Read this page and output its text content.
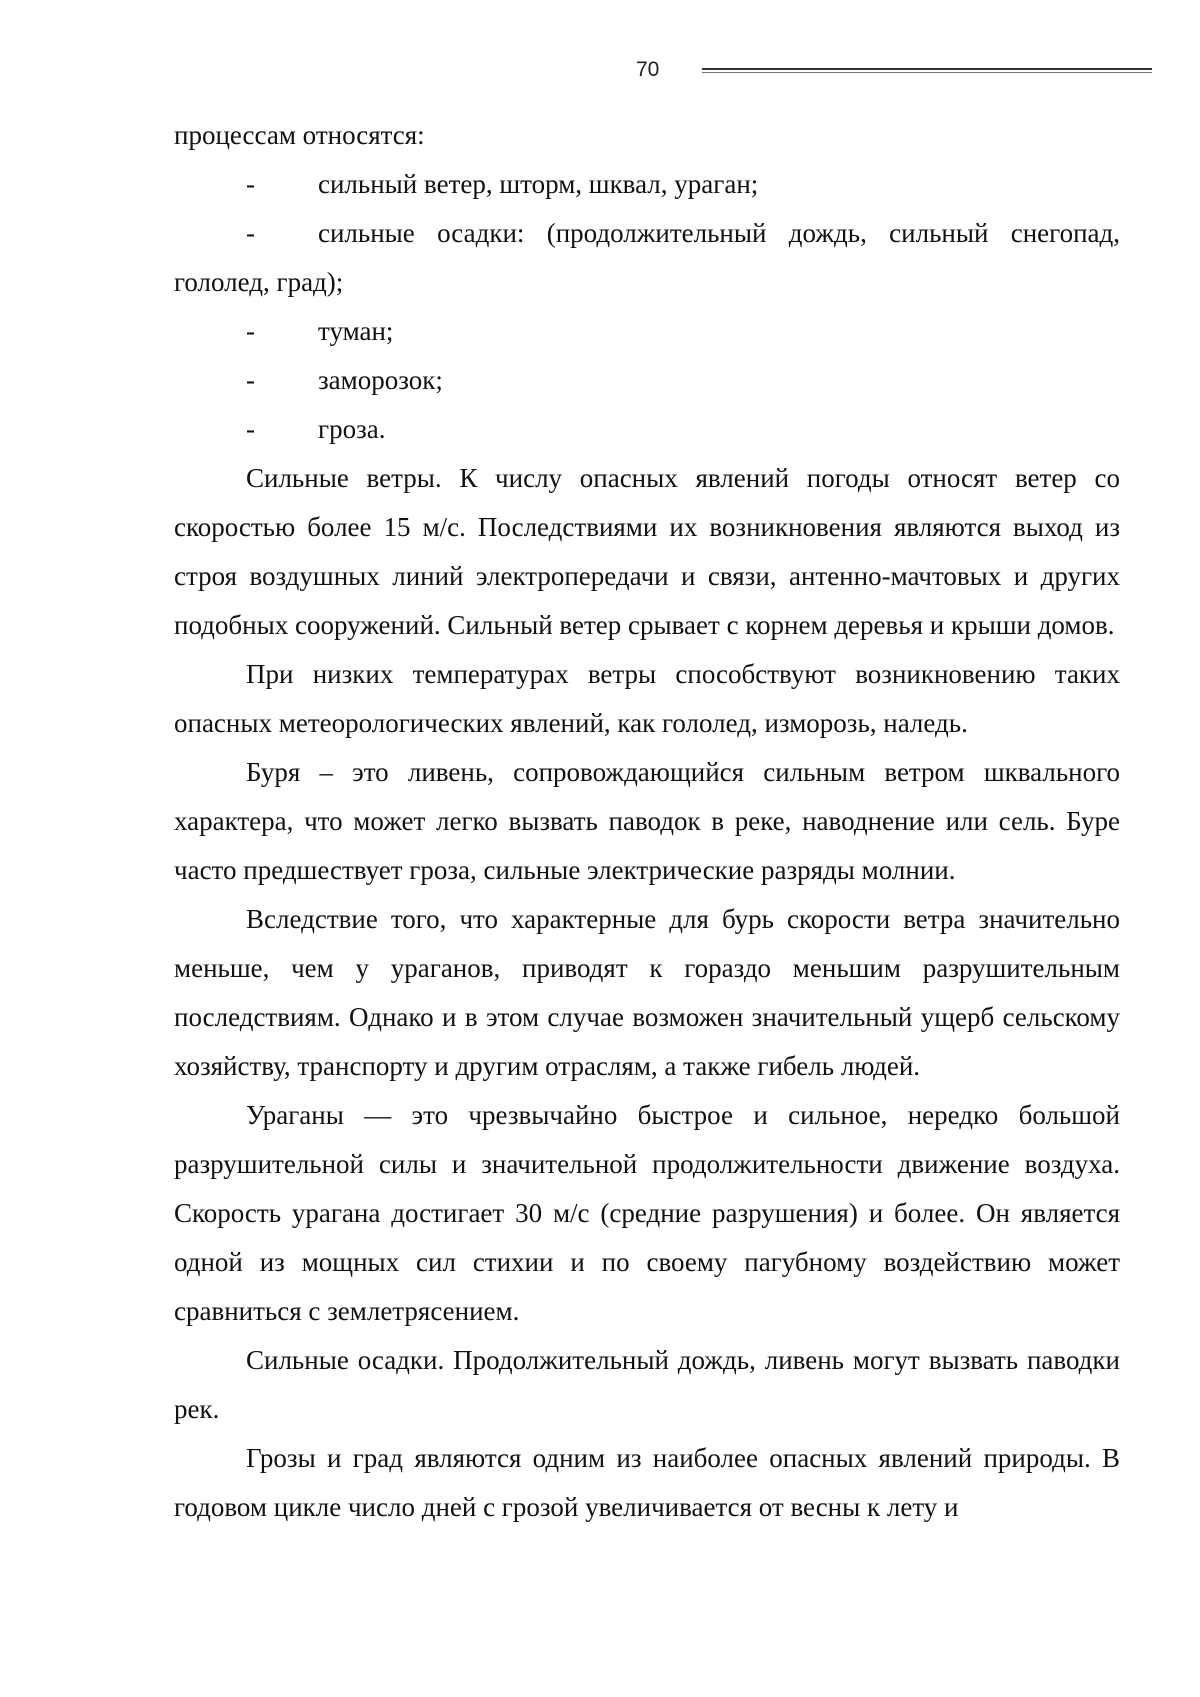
70

процессам относятся:

-	сильный ветер, шторм, шквал, ураган;

- сильные осадки: (продолжительный дождь, сильный снегопад, гололед, град);

-	туман;
-	заморозок;
-	гроза.

Сильные ветры. К числу опасных явлений погоды относят ветер со скоростью более 15 м/с. Последствиями их возникновения являются выход из строя воздушных линий электропередачи и связи, антенно-мачтовых и других подобных сооружений. Сильный ветер срывает с корнем деревья и крыши домов.

При низких температурах ветры способствуют возникновению таких опасных метеорологических явлений, как гололед, изморозь, наледь.

Буря – это ливень, сопровождающийся сильным ветром шквального характера, что может легко вызвать паводок в реке, наводнение или сель. Буре часто предшествует гроза, сильные электрические разряды молнии.

Вследствие того, что характерные для бурь скорости ветра значительно меньше, чем у ураганов, приводят к гораздо меньшим разрушительным последствиям. Однако и в этом случае возможен значительный ущерб сельскому хозяйству, транспорту и другим отраслям, а также гибель людей.

Ураганы — это чрезвычайно быстрое и сильное, нередко большой разрушительной силы и значительной продолжительности движение воздуха. Скорость урагана достигает 30 м/с (средние разрушения) и более. Он является одной из мощных сил стихии и по своему пагубному воздействию может сравниться с землетрясением.

Сильные осадки. Продолжительный дождь, ливень могут вызвать паводки рек.

Грозы и град являются одним из наиболее опасных явлений природы. В годовом цикле число дней с грозой увеличивается от весны к лету и
